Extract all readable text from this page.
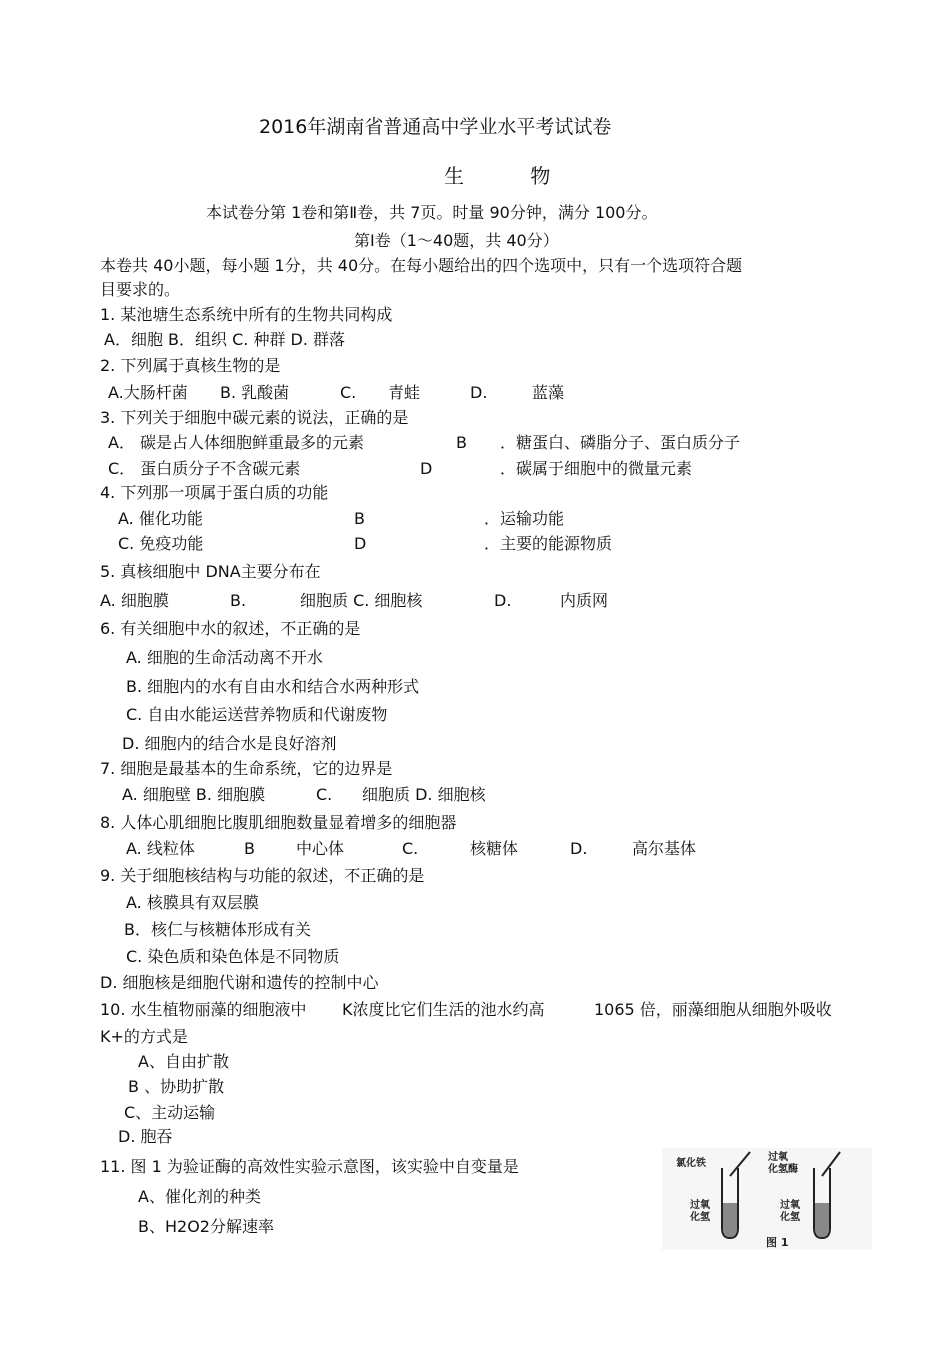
2016年湖南省普通高中学业水平考试试卷
生 物
本试卷分第 1卷和第Ⅱ卷，共 7页。时量 90分钟，满分 100分。
第Ⅰ卷（1～40题，共 40分）
本卷共 40小题，每小题 1分，共 40分。在每小题给出的四个选项中，只有一个选项符合题
目要求的。
1. 某池塘生态系统中所有的生物共同构成
A．细胞 B．组织 C. 种群 D. 群落
2. 下列属于真核生物的是
A.大肠杆菌 B. 乳酸菌	C. 青蛙	D.	蓝藻
3. 下列关于细胞中碳元素的说法，正确的是
A． 碳是占人体细胞鲜重最多的元素	B ．糖蛋白、磷脂分子、蛋白质分子
C． 蛋白质分子不含碳元素	D	．碳属于细胞中的微量元素
4. 下列那一项属于蛋白质的功能
A. 催化功能	B	．运输功能
C. 免疫功能	D	．主要的能源物质
5. 真核细胞中 DNA主要分布在
A. 细胞膜	B.	细胞质 C. 细胞核	D.	内质网
6. 有关细胞中水的叙述，不正确的是
A. 细胞的生命活动离不开水
B. 细胞内的水有自由水和结合水两种形式
C. 自由水能运送营养物质和代谢废物
D. 细胞内的结合水是良好溶剂
7. 细胞是最基本的生命系统，它的边界是
A. 细胞壁 B. 细胞膜	C. 细胞质 D. 细胞核
8. 人体心肌细胞比腹肌细胞数量显着增多的细胞器
A. 线粒体	B	中心体	C.	核糖体	D.	高尔基体
9. 关于细胞核结构与功能的叙述，不正确的是
A. 核膜具有双层膜
B．核仁与核糖体形成有关
C. 染色质和染色体是不同物质
D. 细胞核是细胞代谢和遗传的控制中心
10. 水生植物丽藻的细胞液中 K浓度比它们生活的池水约高	1065 倍，丽藻细胞从细胞外吸收
K+的方式是
A、自由扩散
B 、协助扩散
C、主动运输
D. 胞吞
11. 图 1 为验证酶的高效性实验示意图，该实验中自变量是
A、催化剂的种类
B、H2O2分解速率
氯化铁
过氧
化氢酶
过氧
化氢
过氧
化氢
图 1
